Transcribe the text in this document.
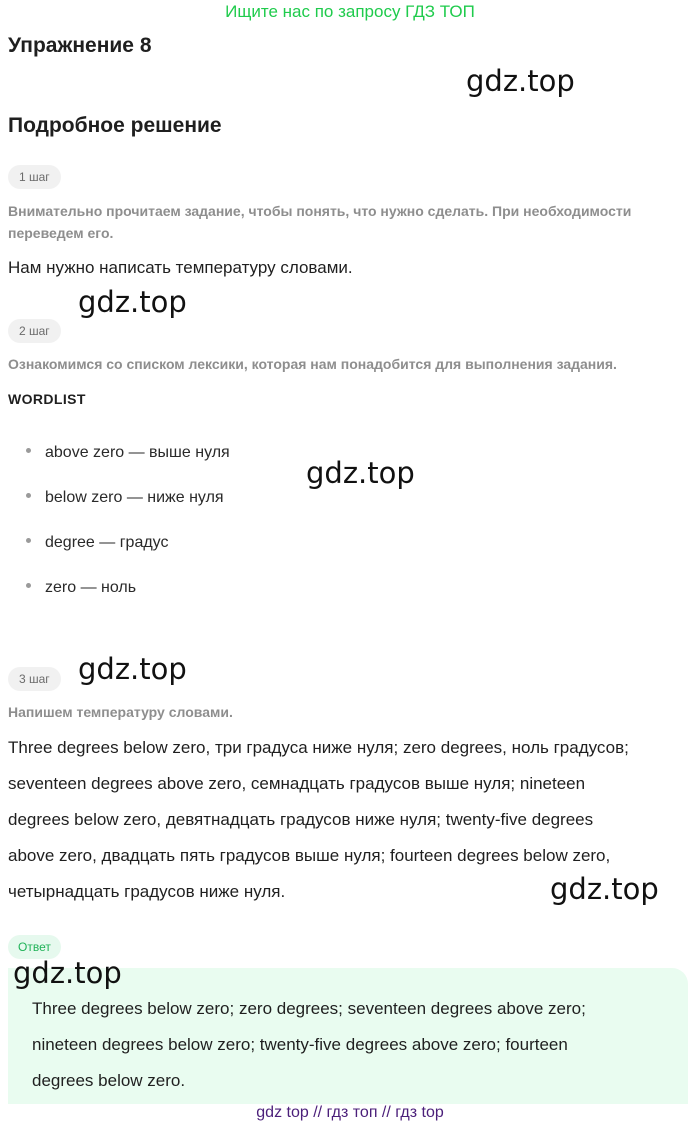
Ищите нас по запросу ГДЗ ТОП
Упражнение 8
gdz.top
Подробное решение
1 шаг
Внимательно прочитаем задание, чтобы понять, что нужно сделать. При необходимости переведем его.
Нам нужно написать температуру словами.
gdz.top
2 шаг
Ознакомимся со списком лексики, которая нам понадобится для выполнения задания.
WORDLIST
above zero — выше нуля
below zero — ниже нуля
degree — градус
zero — ноль
gdz.top
3 шаг gdz.top
Напишем температуру словами.
Three degrees below zero, три градуса ниже нуля; zero degrees, ноль градусов;
seventeen degrees above zero, семнадцать градусов выше нуля; nineteen
degrees below zero, девятнадцать градусов ниже нуля; twenty-five degrees
above zero, двадцать пять градусов выше нуля; fourteen degrees below zero,
четырнадцать градусов ниже нуля.	gdz.top
Ответ
Three degrees below zero; zero degrees; seventeen degrees above zero;
nineteen degrees below zero; twenty-five degrees above zero; fourteen
degrees below zero.
gdz.top
gdz top // гдз топ // гдз top
